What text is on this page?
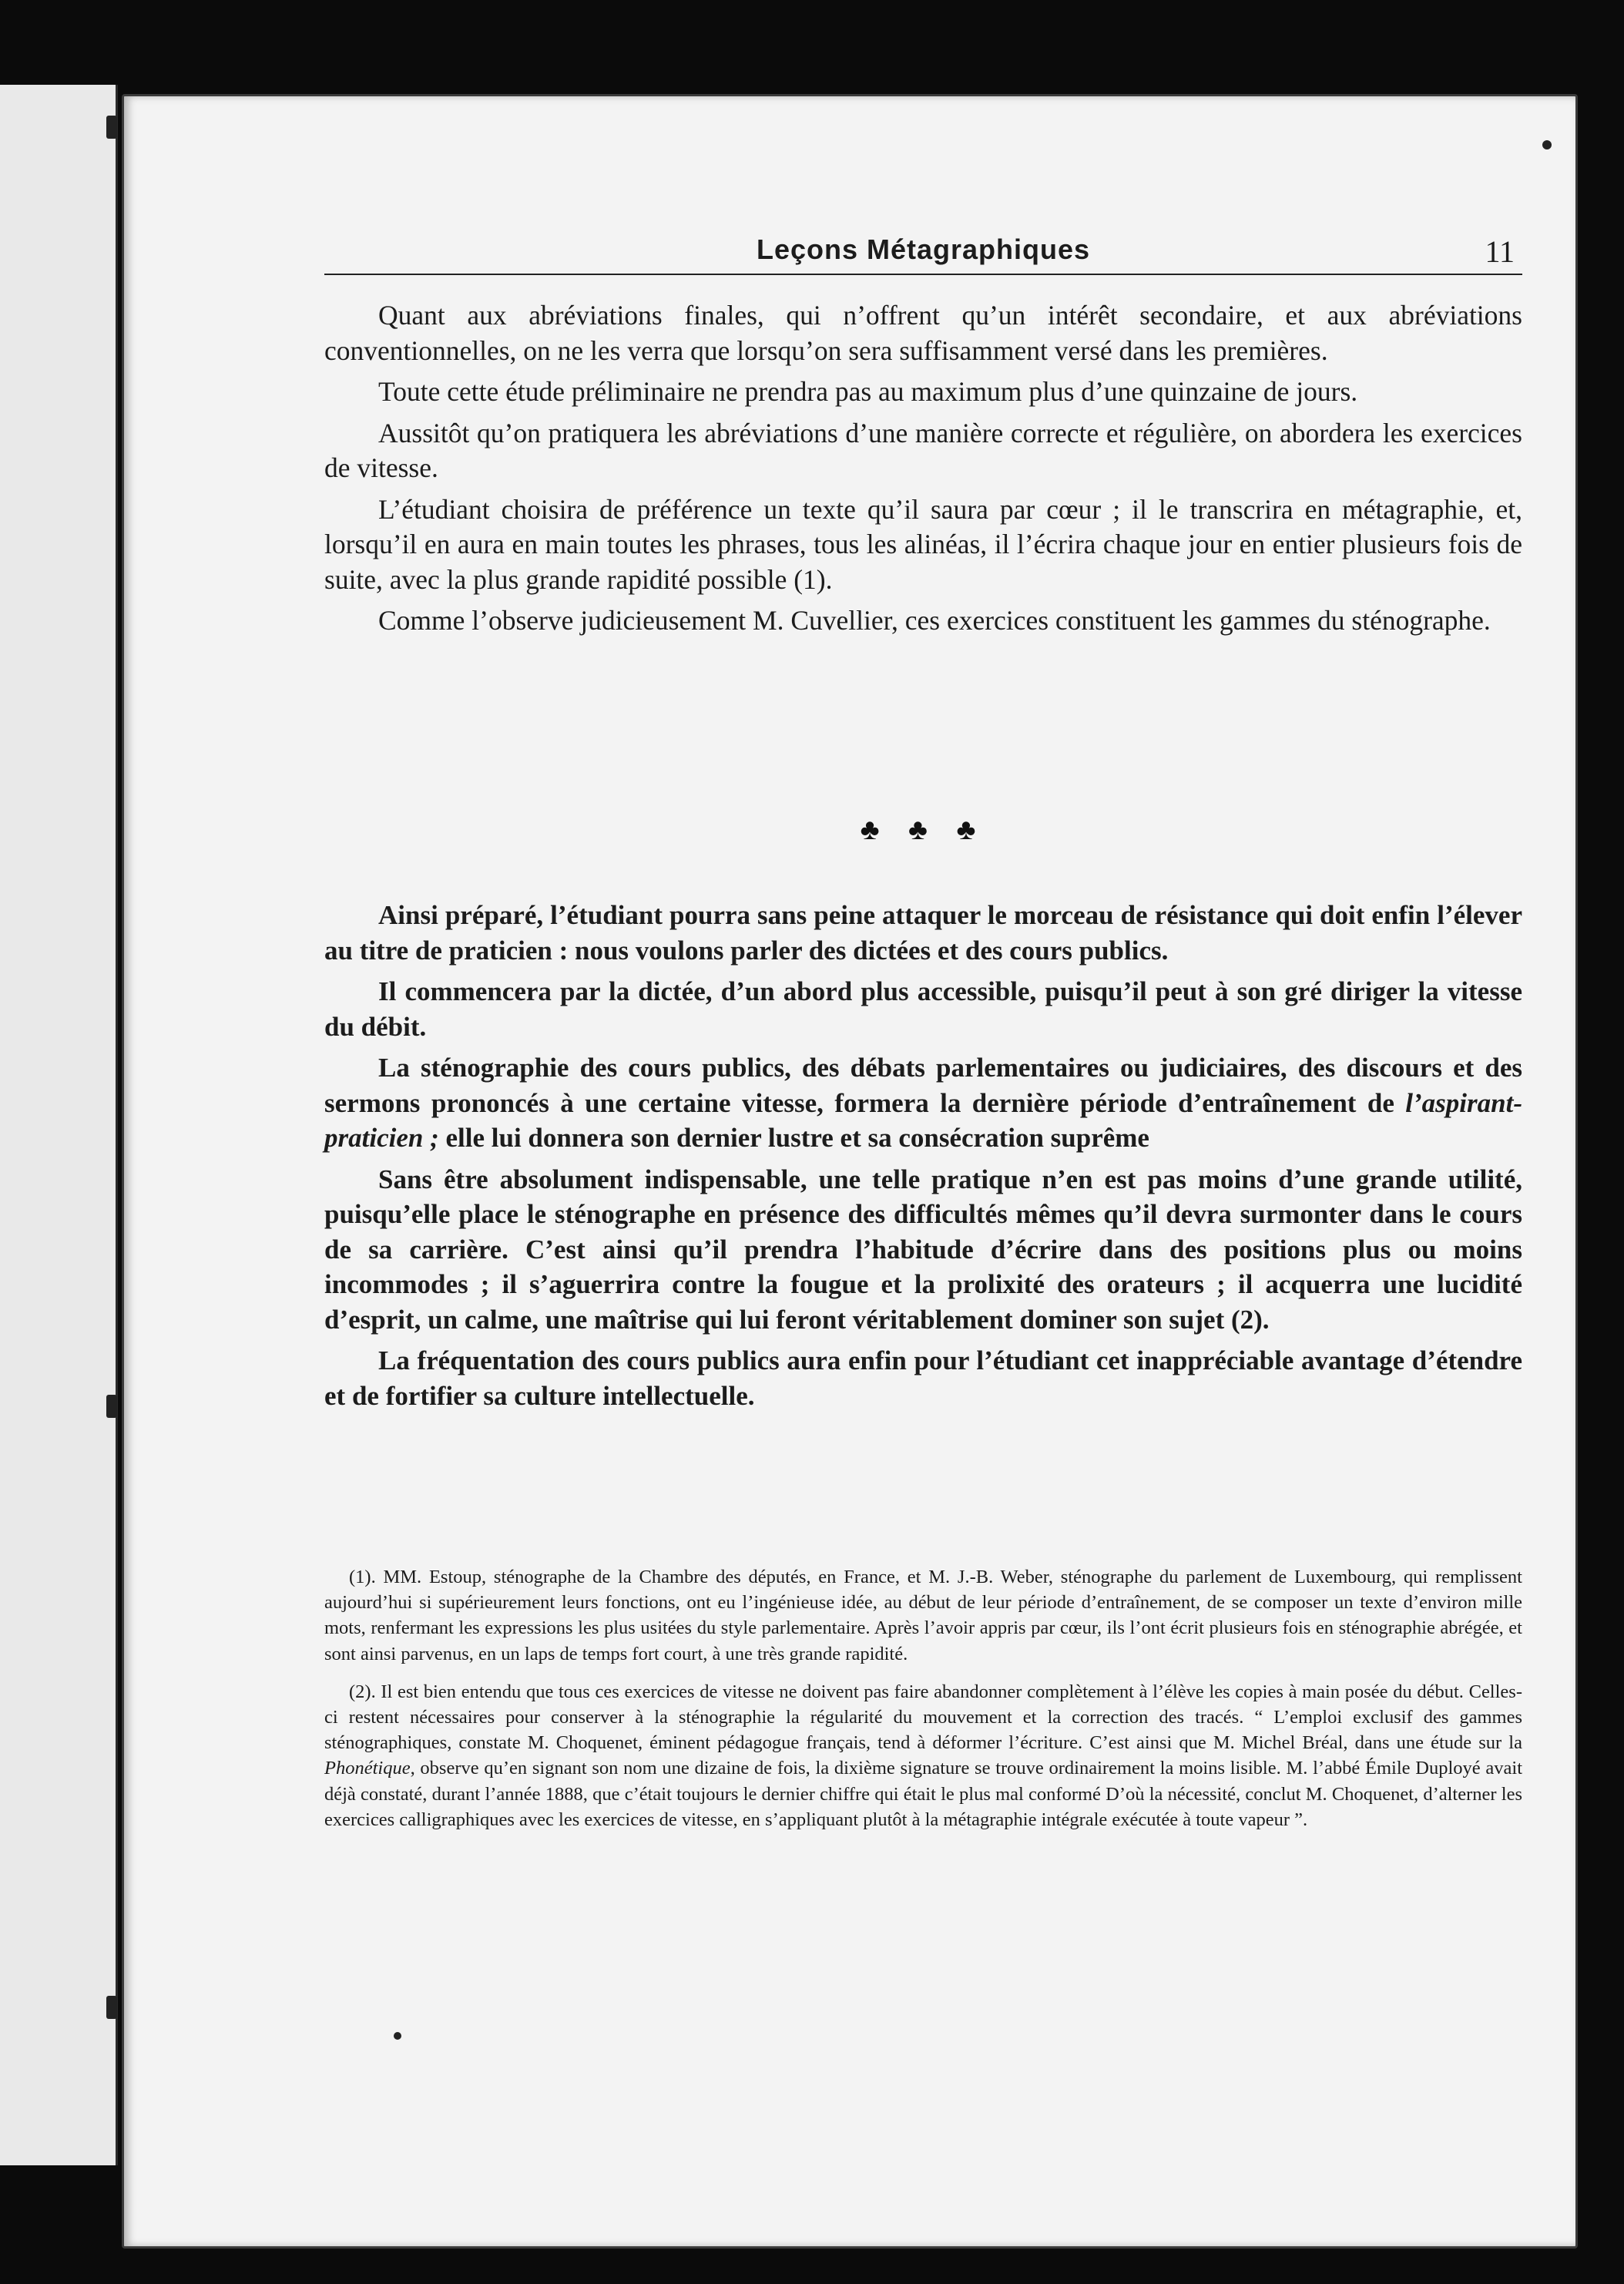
Leçons Métagraphiques	11

Quant aux abréviations finales, qui n’offrent qu’un intérêt secondaire, et aux abréviations conventionnelles, on ne les verra que lorsqu’on sera suffisamment versé dans les premières.

Toute cette étude préliminaire ne prendra pas au maximum plus d’une quinzaine de jours.

Aussitôt qu’on pratiquera les abréviations d’une manière correcte et régulière, on abordera les exercices de vitesse.

L’étudiant choisira de préférence un texte qu’il saura par cœur ; il le transcrira en métagraphie, et, lorsqu’il en aura en main toutes les phrases, tous les alinéas, il l’écrira chaque jour en entier plusieurs fois de suite, avec la plus grande rapidité possible (1).

Comme l’observe judicieusement M. Cuvellier, ces exercices constituent les gammes du sténographe.

♣ ♣ ♣

Ainsi préparé, l’étudiant pourra sans peine attaquer le morceau de résistance qui doit enfin l’élever au titre de praticien : nous voulons parler des dictées et des cours publics.

Il commencera par la dictée, d’un abord plus accessible, puisqu’il peut à son gré diriger la vitesse du débit.

La sténographie des cours publics, des débats parlementaires ou judiciaires, des discours et des sermons prononcés à une certaine vitesse, formera la dernière période d’entraînement de l’aspirant-praticien ; elle lui donnera son dernier lustre et sa consécration suprême

Sans être absolument indispensable, une telle pratique n’en est pas moins d’une grande utilité, puisqu’elle place le sténographe en présence des difficultés mêmes qu’il devra surmonter dans le cours de sa carrière. C’est ainsi qu’il prendra l’habitude d’écrire dans des positions plus ou moins incommodes ; il s’aguerrira contre la fougue et la prolixité des orateurs ; il acquerra une lucidité d’esprit, un calme, une maîtrise qui lui feront véritablement dominer son sujet (2).

La fréquentation des cours publics aura enfin pour l’étudiant cet inappréciable avantage d’étendre et de fortifier sa culture intellectuelle.

(1). MM. Estoup, sténographe de la Chambre des députés, en France, et M. J.-B. Weber, sténographe du parlement de Luxembourg, qui remplissent aujourd’hui si supérieurement leurs fonctions, ont eu l’ingénieuse idée, au début de leur période d’entraînement, de se composer un texte d’environ mille mots, renfermant les expressions les plus usitées du style parlementaire. Après l’avoir appris par cœur, ils l’ont écrit plusieurs fois en sténographie abrégée, et sont ainsi parvenus, en un laps de temps fort court, à une très grande rapidité.

(2). Il est bien entendu que tous ces exercices de vitesse ne doivent pas faire abandonner complètement à l’élève les copies à main posée du début. Celles-ci restent nécessaires pour conserver à la sténographie la régularité du mouvement et la correction des tracés. “ L’emploi exclusif des gammes sténographiques, constate M. Choquenet, éminent pédagogue français, tend à déformer l’écriture. C’est ainsi que M. Michel Bréal, dans une étude sur la Phonétique, observe qu’en signant son nom une dizaine de fois, la dixième signature se trouve ordinairement la moins lisible. M. l’abbé Émile Duployé avait déjà constaté, durant l’année 1888, que c’était toujours le dernier chiffre qui était le plus mal conformé D’où la nécessité, conclut M. Choquenet, d’alterner les exercices calligraphiques avec les exercices de vitesse, en s’appliquant plutôt à la métagraphie intégrale exécutée à toute vapeur ”.
